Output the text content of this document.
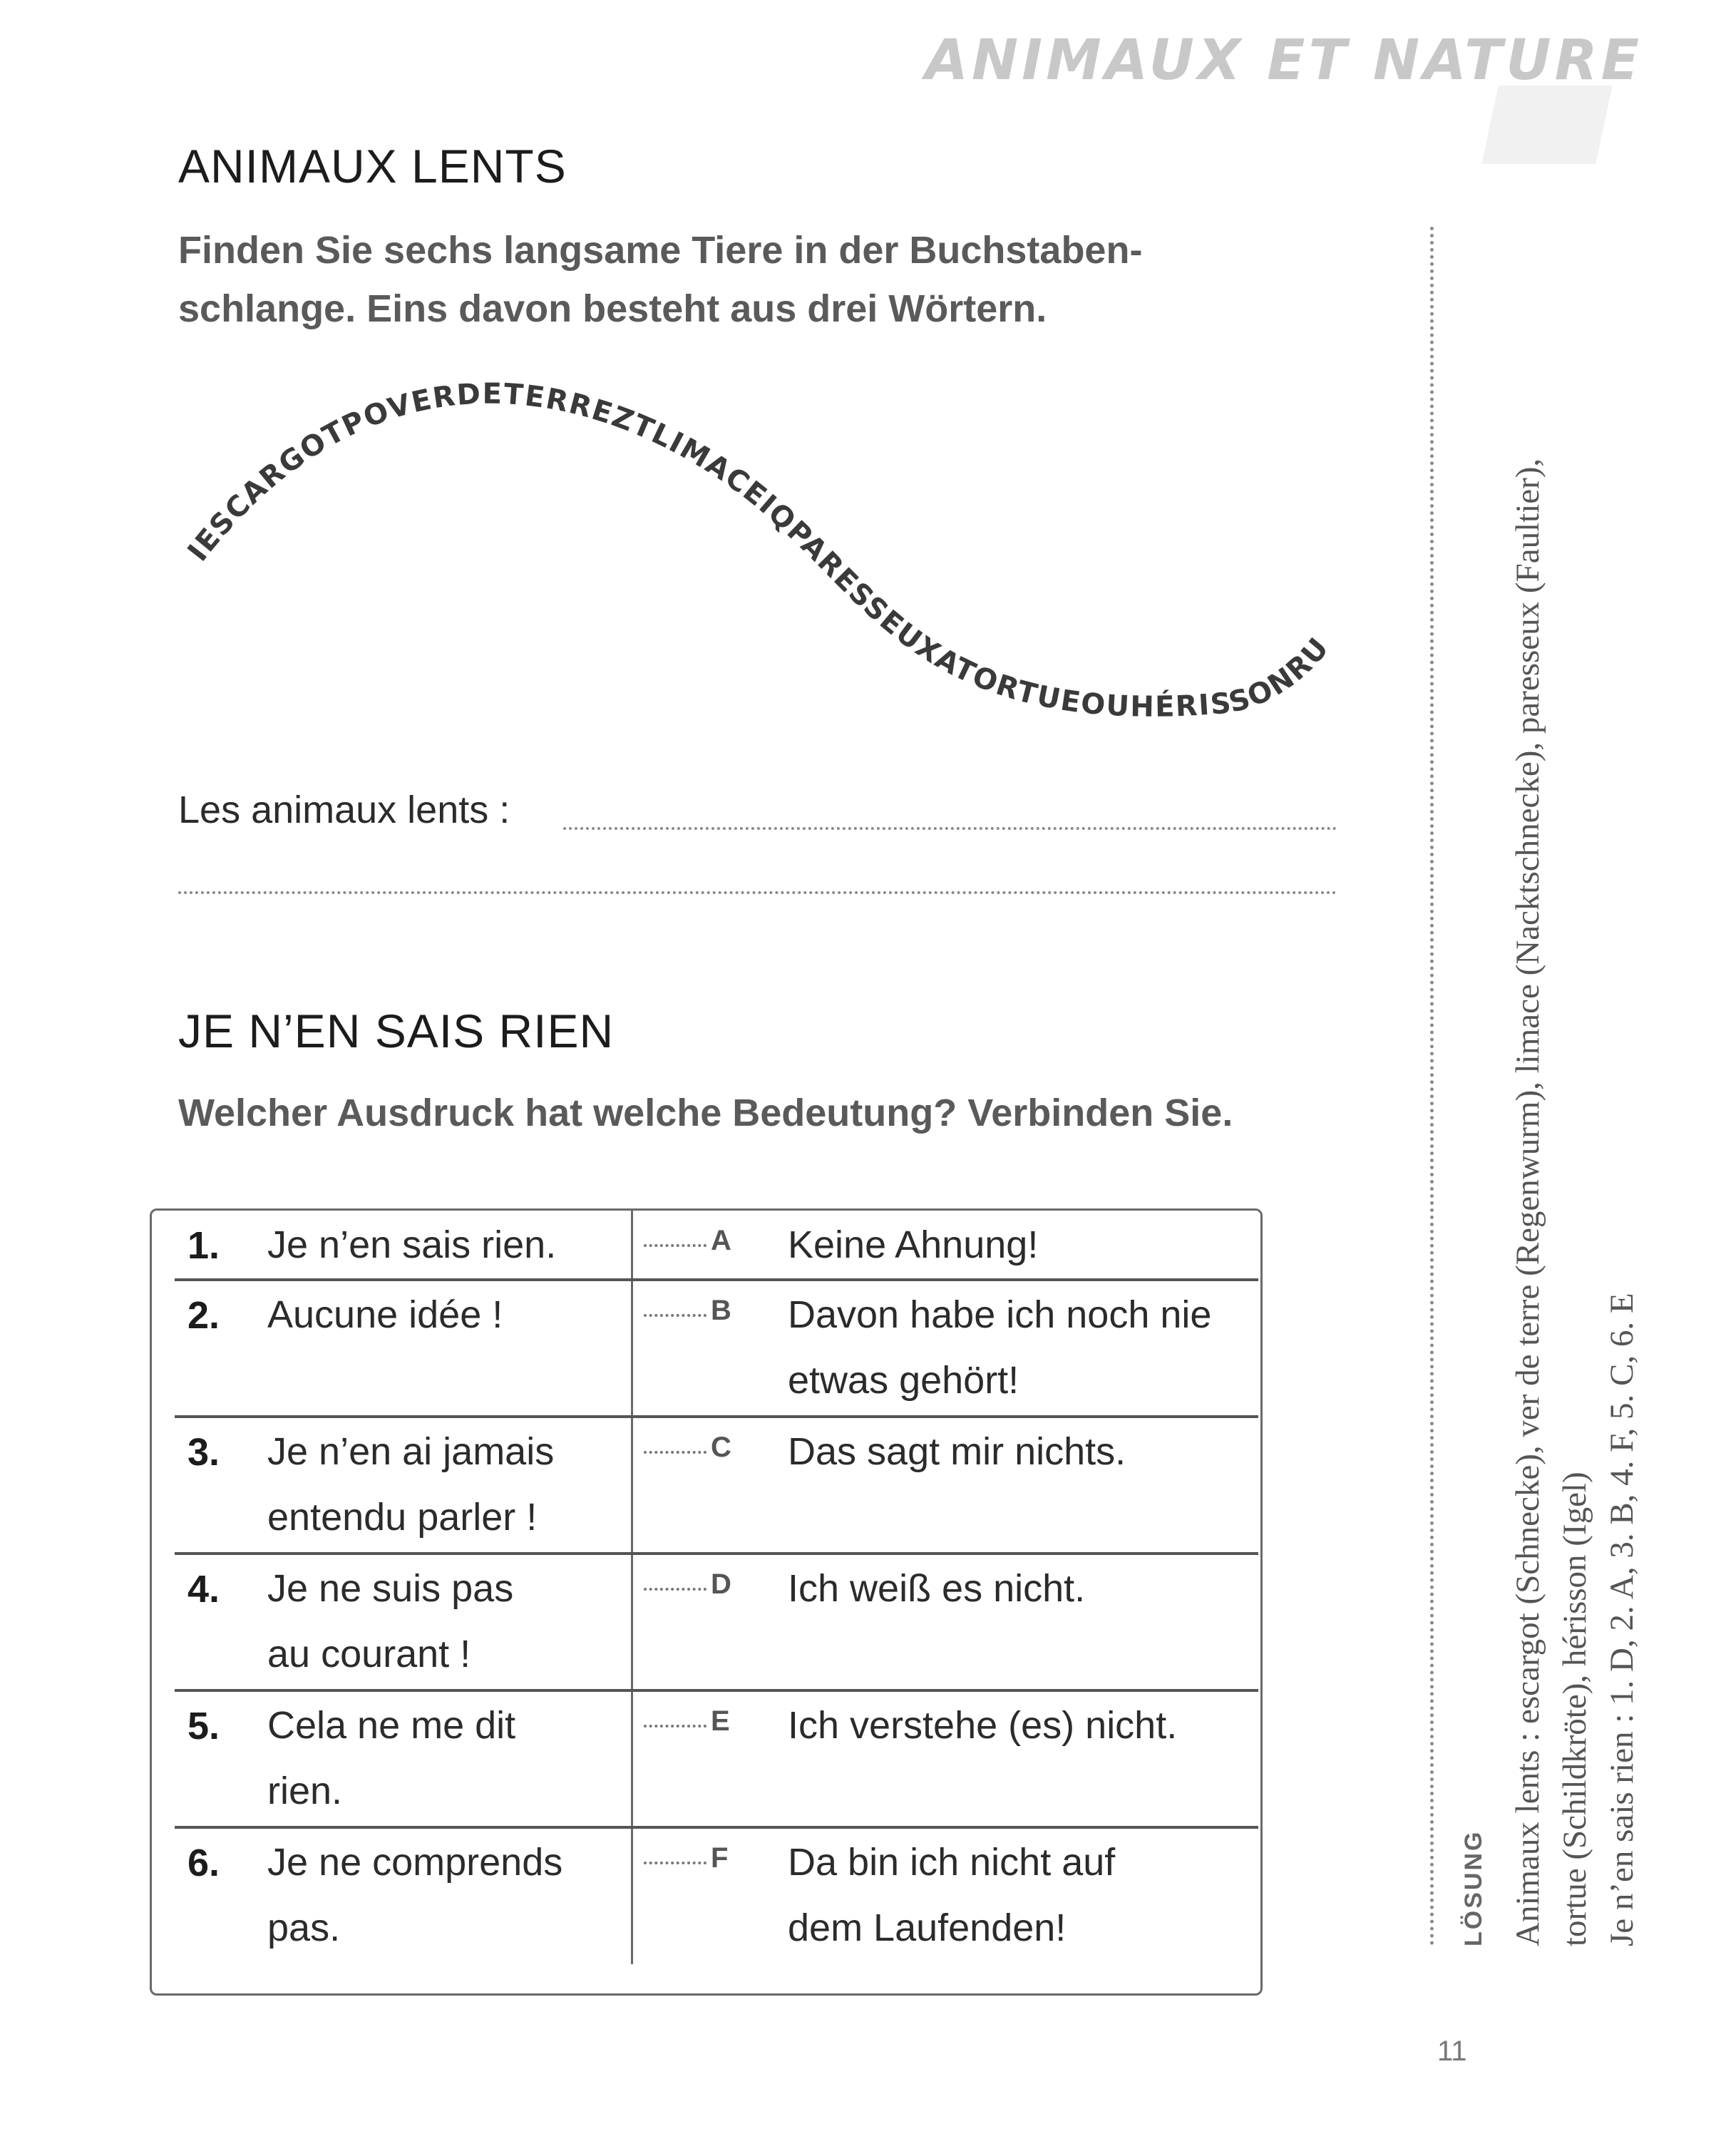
ANIMAUX ET NATURE
ANIMAUX LENTS

Finden Sie sechs langsame Tiere in der Buchstaben-schlange. Eins davon besteht aus drei Wörtern.

IESCARGOTPOVERDETERREZTLIMACEIQPARESSEUXATORTUEOUHÉRISSONRU
Les animaux lents :
JE N’EN SAIS RIEN

Welcher Ausdruck hat welche Bedeutung? Verbinden Sie.

1. Je n’en sais rien.	A Keine Ahnung!
2. Aucune idée !	B Davon habe ich noch nie etwas gehört!
3. Je n’en ai jamais entendu parler !
C Das sagt mir nichts.
4. Je ne suis pas au courant !
D Ich weiß es nicht.
5. Cela ne me dit rien.
E Ich verstehe (es) nicht.
6. Je ne comprends pas.
F Da bin ich nicht auf dem Laufenden!	LÖSUNG Animaux lents : escargot (Schnecke), ver de terre (Regenwurm), limace (Nacktschnecke), paresseux (Faultier), tortue (Schildkröte), hérisson (Igel) Je n’en sais rien : 1. D, 2. A, 3. B, 4. F, 5. C, 6. E
11
